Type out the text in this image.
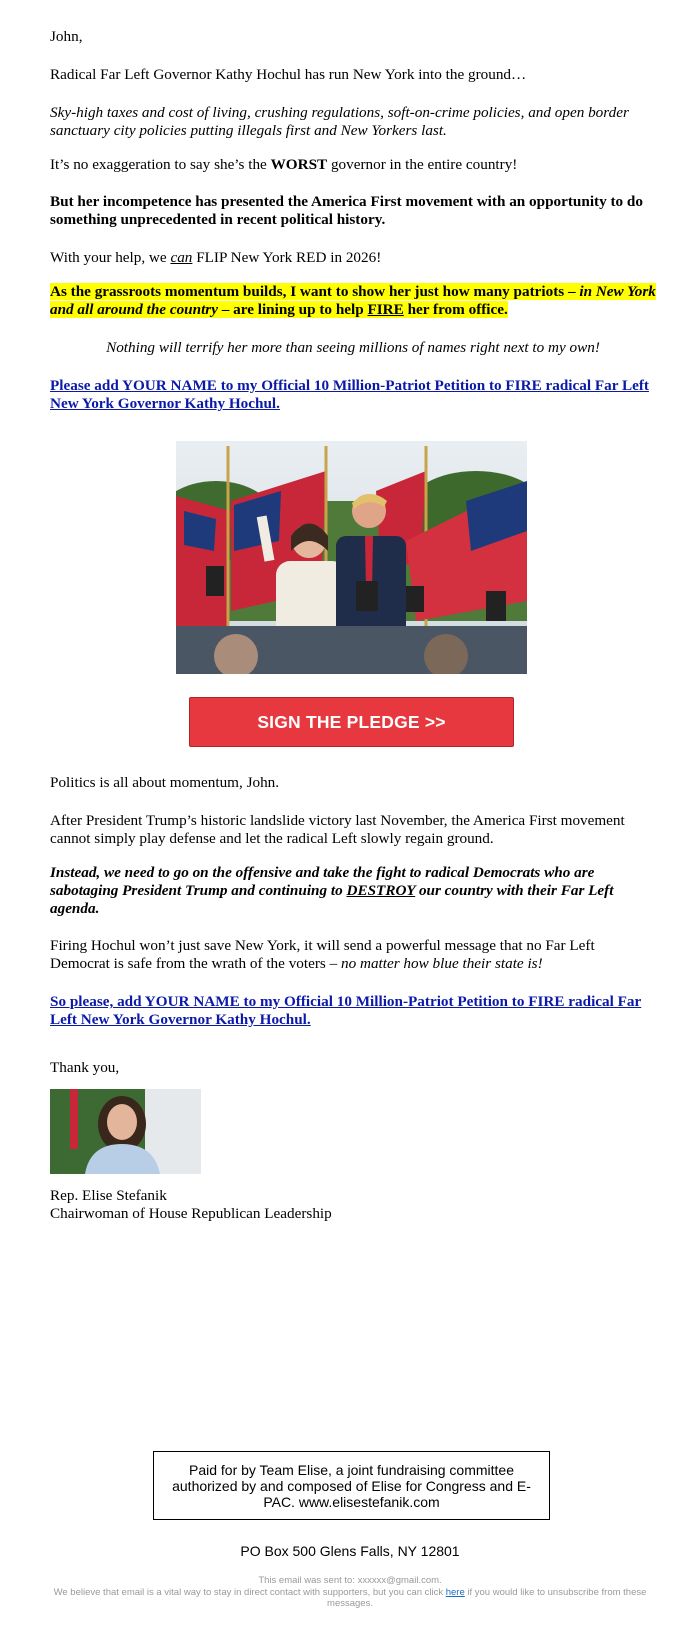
John,
Radical Far Left Governor Kathy Hochul has run New York into the ground…
Sky-high taxes and cost of living, crushing regulations, soft-on-crime policies, and open border sanctuary city policies putting illegals first and New Yorkers last.
It’s no exaggeration to say she’s the WORST governor in the entire country!
But her incompetence has presented the America First movement with an opportunity to do something unprecedented in recent political history.
With your help, we can FLIP New York RED in 2026!
As the grassroots momentum builds, I want to show her just how many patriots – in New York and all around the country – are lining up to help FIRE her from office.
Nothing will terrify her more than seeing millions of names right next to my own!
Please add YOUR NAME to my Official 10 Million-Patriot Petition to FIRE radical Far Left New York Governor Kathy Hochul.
SIGN THE PLEDGE >>
Politics is all about momentum, John.
After President Trump’s historic landslide victory last November, the America First movement cannot simply play defense and let the radical Left slowly regain ground.
Instead, we need to go on the offensive and take the fight to radical Democrats who are sabotaging President Trump and continuing to DESTROY our country with their Far Left agenda.
Firing Hochul won’t just save New York, it will send a powerful message that no Far Left Democrat is safe from the wrath of the voters – no matter how blue their state is!
So please, add YOUR NAME to my Official 10 Million-Patriot Petition to FIRE radical Far Left New York Governor Kathy Hochul.
Thank you,
Rep. Elise Stefanik
Chairwoman of House Republican Leadership
Paid for by Team Elise, a joint fundraising committee authorized by and composed of Elise for Congress and E-PAC. www.elisestefanik.com
PO Box 500 Glens Falls, NY 12801
This email was sent to: xxxxxx@gmail.com.
We believe that email is a vital way to stay in direct contact with supporters, but you can click here if you would like to unsubscribe from these messages.
